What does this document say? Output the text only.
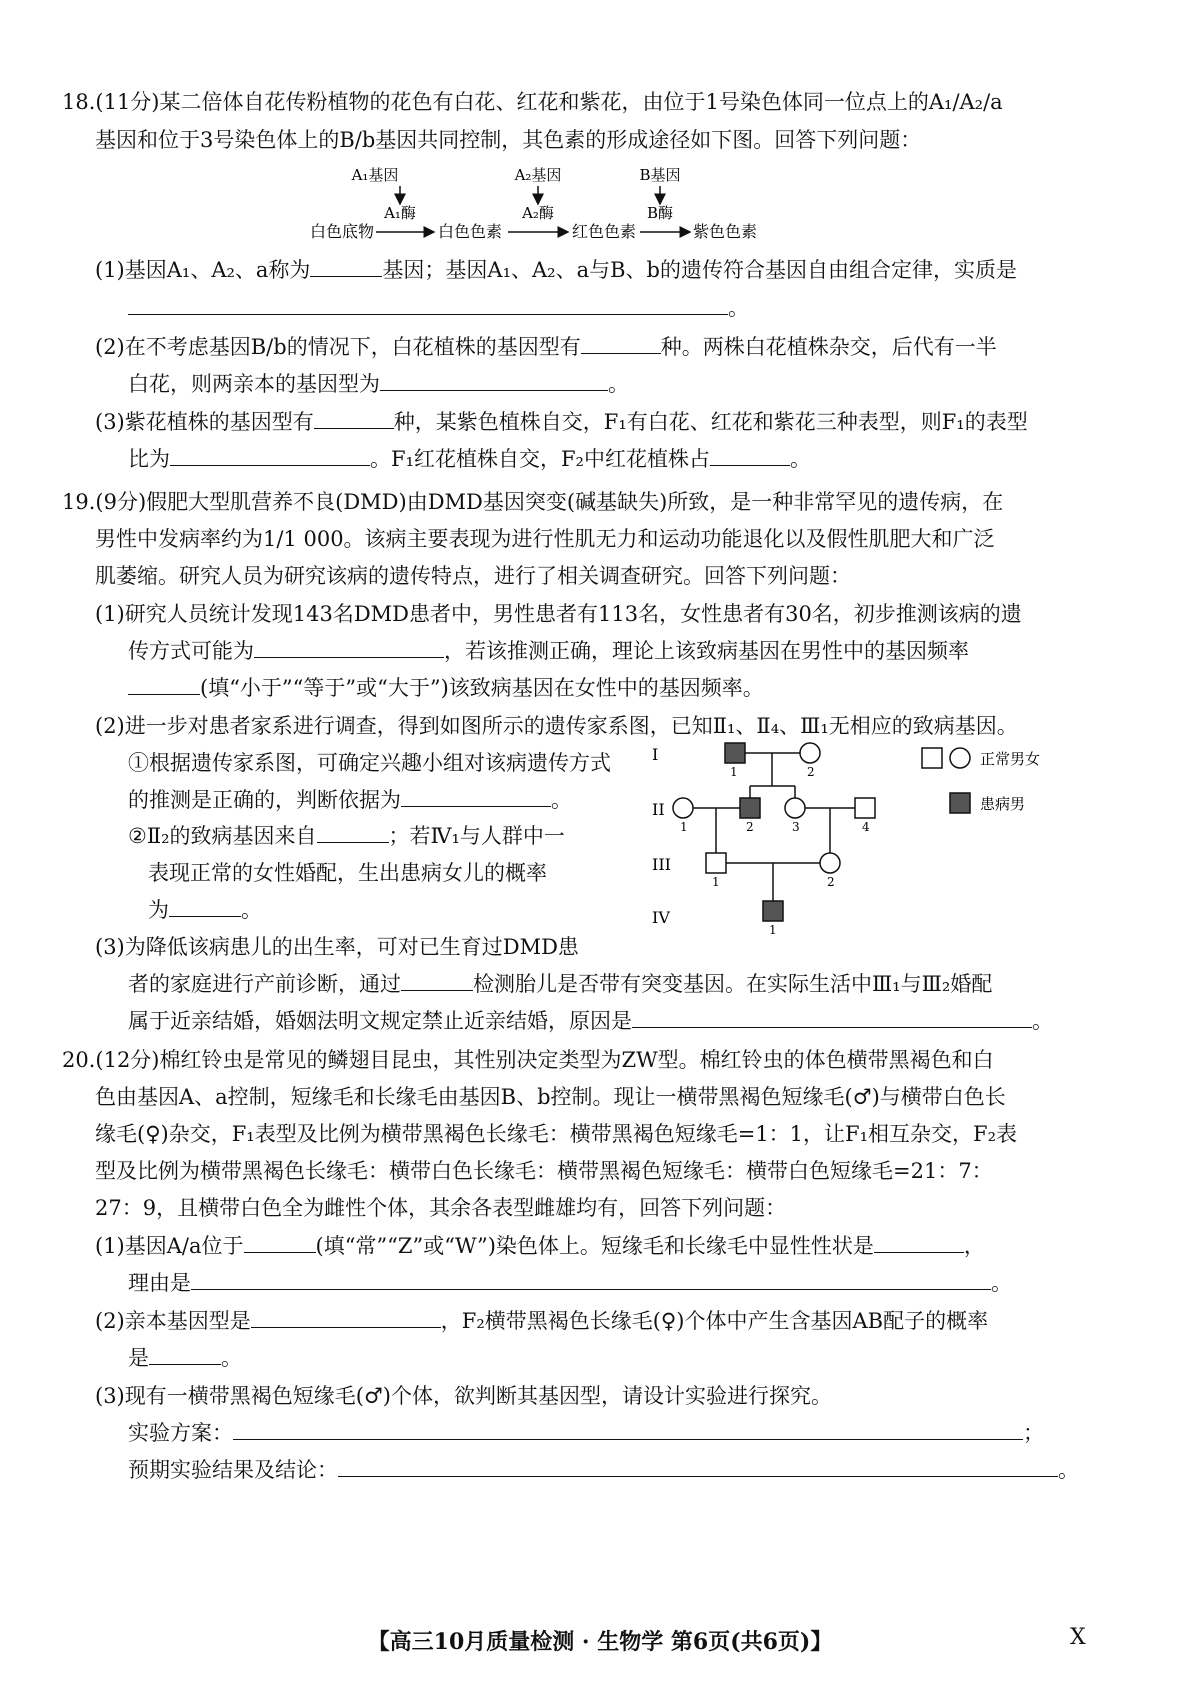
18.(11分)某二倍体自花传粉植物的花色有白花、红花和紫花，由位于1号染色体同一位点上的A₁/A₂/a
基因和位于3号染色体上的B/b基因共同控制，其色素的形成途径如下图。回答下列问题：
A₁基因	A₂基因	B基因
A₁酶	A₂酶	B酶
白色底物	白色色素	红色色素	紫色色素
(1)基因A₁、A₂、a称为	基因；基因A₁、A₂、a与B、b的遗传符合基因自由组合定律，实质是
。
(2)在不考虑基因B/b的情况下，白花植株的基因型有	种。两株白花植株杂交，后代有一半
白花，则两亲本的基因型为	。
(3)紫花植株的基因型有	种，某紫色植株自交，F₁有白花、红花和紫花三种表型，则F₁的表型
比为	。F₁红花植株自交，F₂中红花植株占	。
19.(9分)假肥大型肌营养不良(DMD)由DMD基因突变(碱基缺失)所致，是一种非常罕见的遗传病，在
男性中发病率约为1/1 000。该病主要表现为进行性肌无力和运动功能退化以及假性肌肥大和广泛
肌萎缩。研究人员为研究该病的遗传特点，进行了相关调查研究。回答下列问题：
(1)研究人员统计发现143名DMD患者中，男性患者有113名，女性患者有30名，初步推测该病的遗
传方式可能为	，若该推测正确，理论上该致病基因在男性中的基因频率
(填“小于”“等于”或“大于”)该致病基因在女性中的基因频率。
(2)进一步对患者家系进行调查，得到如图所示的遗传家系图，已知Ⅱ₁、Ⅱ₄、Ⅲ₁无相应的致病基因。
①根据遗传家系图，可确定兴趣小组对该病遗传方式
的推测是正确的，判断依据为	。
②Ⅱ₂的致病基因来自	；若Ⅳ₁与人群中一
表现正常的女性婚配，生出患病女儿的概率
为	。
I
II
III
IV
1	2
1	2	3	4
1	2
1
正常男女
患病男
(3)为降低该病患儿的出生率，可对已生育过DMD患
者的家庭进行产前诊断，通过	检测胎儿是否带有突变基因。在实际生活中Ⅲ₁与Ⅲ₂婚配
属于近亲结婚，婚姻法明文规定禁止近亲结婚，原因是	。
20.(12分)棉红铃虫是常见的鳞翅目昆虫，其性别决定类型为ZW型。棉红铃虫的体色横带黑褐色和白
色由基因A、a控制，短缘毛和长缘毛由基因B、b控制。现让一横带黑褐色短缘毛(♂)与横带白色长
缘毛(♀)杂交，F₁表型及比例为横带黑褐色长缘毛：横带黑褐色短缘毛=1：1，让F₁相互杂交，F₂表
型及比例为横带黑褐色长缘毛：横带白色长缘毛：横带黑褐色短缘毛：横带白色短缘毛=21：7：
27：9，且横带白色全为雌性个体，其余各表型雌雄均有，回答下列问题：
(1)基因A/a位于	(填“常”“Z”或“W”)染色体上。短缘毛和长缘毛中显性性状是	，
理由是	。
(2)亲本基因型是	，F₂横带黑褐色长缘毛(♀)个体中产生含基因AB配子的概率
是	。
(3)现有一横带黑褐色短缘毛(♂)个体，欲判断其基因型，请设计实验进行探究。
实验方案：	；
预期实验结果及结论：	。
【高三10月质量检测 · 生物学 第6页(共6页)】	X
